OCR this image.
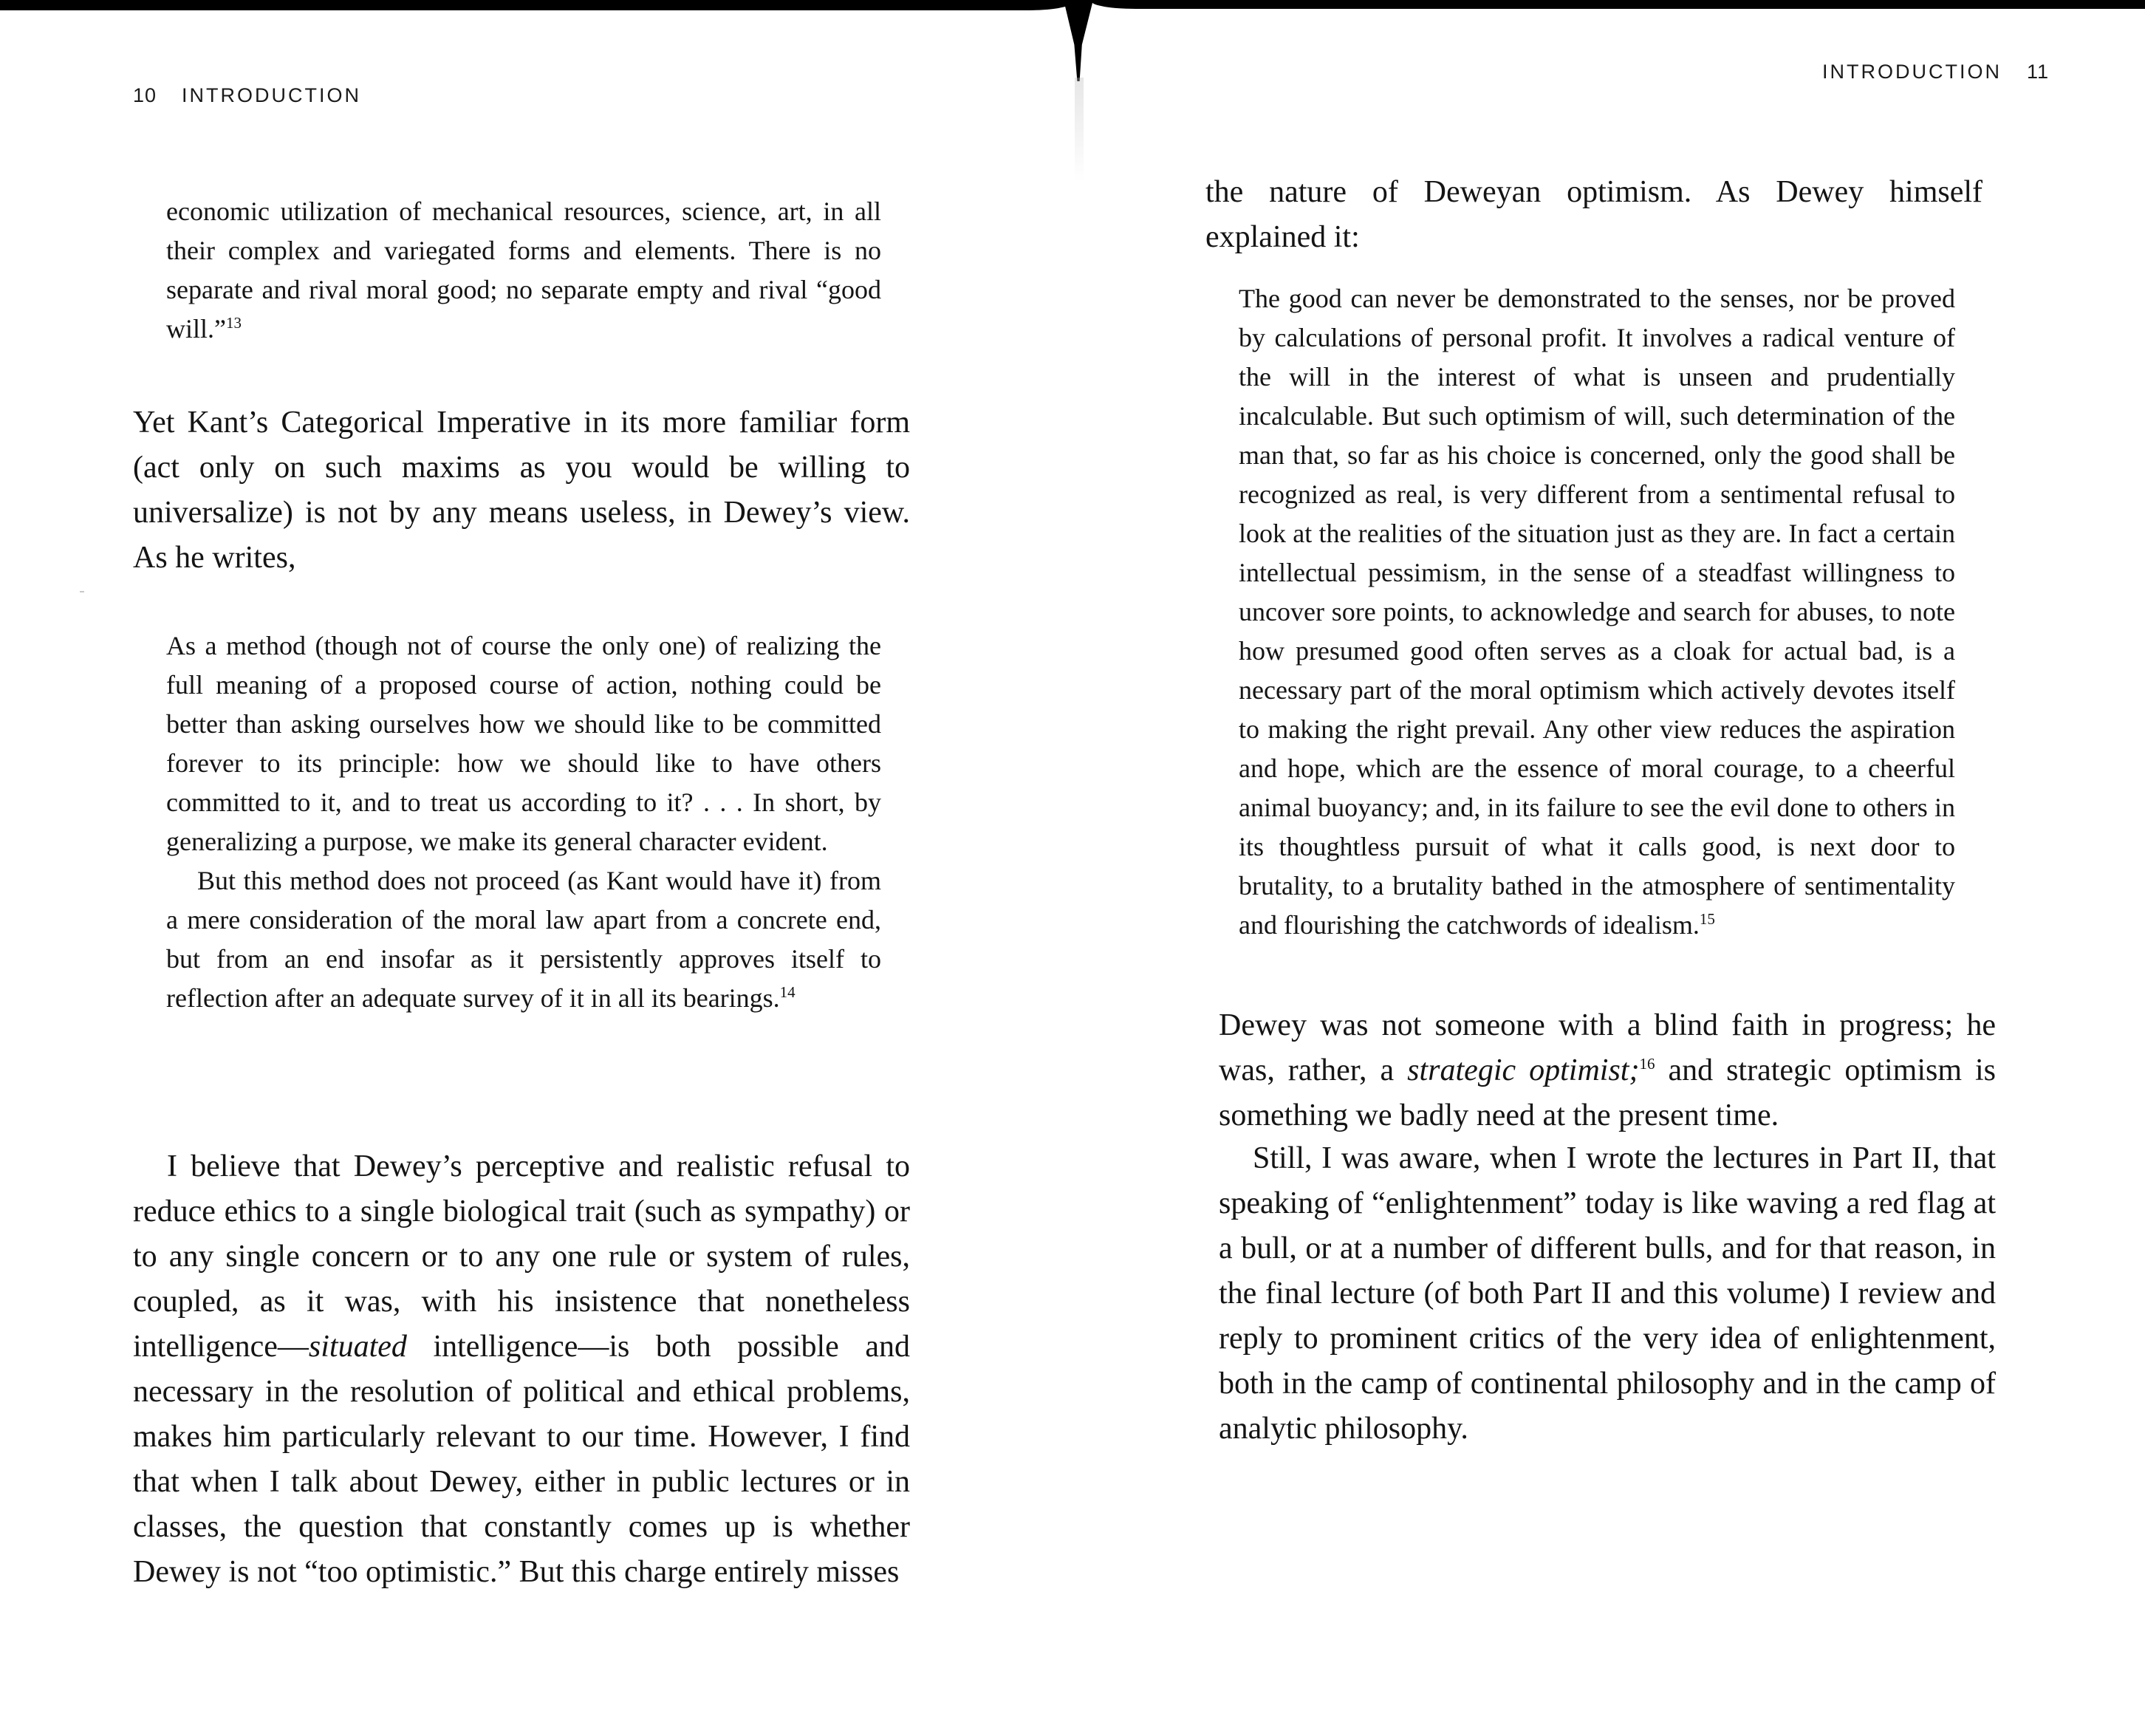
10 INTRODUCTION

economic utilization of mechanical resources, science, art, in all their complex and variegated forms and elements. There is no separate and rival moral good; no separate empty and rival “good will.”$^{13}$

Yet Kant’s Categorical Imperative in its more familiar form (act only on such maxims as you would be willing to universalize) is not by any means useless, in Dewey’s view. As he writes,

As a method (though not of course the only one) of realizing the full meaning of a proposed course of action, nothing could be better than asking ourselves how we should like to be committed forever to its principle: how we should like to have others committed to it, and to treat us according to it? . . . In short, by generalizing a purpose, we make its general character evident.

But this method does not proceed (as Kant would have it) from a mere consideration of the moral law apart from a concrete end, but from an end insofar as it persistently approves itself to reflection after an adequate survey of it in all its bearings.$^{14}$

I believe that Dewey’s perceptive and realistic refusal to reduce ethics to a single biological trait (such as sympathy) or to any single concern or to any one rule or system of rules, coupled, as it was, with his insistence that nonetheless intelligence—situated intelligence—is both possible and necessary in the resolution of political and ethical problems, makes him particularly relevant to our time. However, I find that when I talk about Dewey, either in public lectures or in classes, the question that constantly comes up is whether Dewey is not “too optimistic.” But this charge entirely misses

INTRODUCTION 11

the nature of Deweyan optimism. As Dewey himself explained it:

The good can never be demonstrated to the senses, nor be proved by calculations of personal profit. It involves a radical venture of the will in the interest of what is unseen and prudentially incalculable. But such optimism of will, such determination of the man that, so far as his choice is concerned, only the good shall be recognized as real, is very different from a sentimental refusal to look at the realities of the situation just as they are. In fact a certain intellectual pessimism, in the sense of a steadfast willingness to uncover sore points, to acknowledge and search for abuses, to note how presumed good often serves as a cloak for actual bad, is a necessary part of the moral optimism which actively devotes itself to making the right prevail. Any other view reduces the aspiration and hope, which are the essence of moral courage, to a cheerful animal buoyancy; and, in its failure to see the evil done to others in its thoughtless pursuit of what it calls good, is next door to brutality, to a brutality bathed in the atmosphere of sentimentality and flourishing the catchwords of idealism.$^{15}$

Dewey was not someone with a blind faith in progress; he was, rather, a strategic optimist;$^{16}$ and strategic optimism is something we badly need at the present time.

Still, I was aware, when I wrote the lectures in Part II, that speaking of “enlightenment” today is like waving a red flag at a bull, or at a number of different bulls, and for that reason, in the final lecture (of both Part II and this volume) I review and reply to prominent critics of the very idea of enlightenment, both in the camp of continental philosophy and in the camp of analytic philosophy.
